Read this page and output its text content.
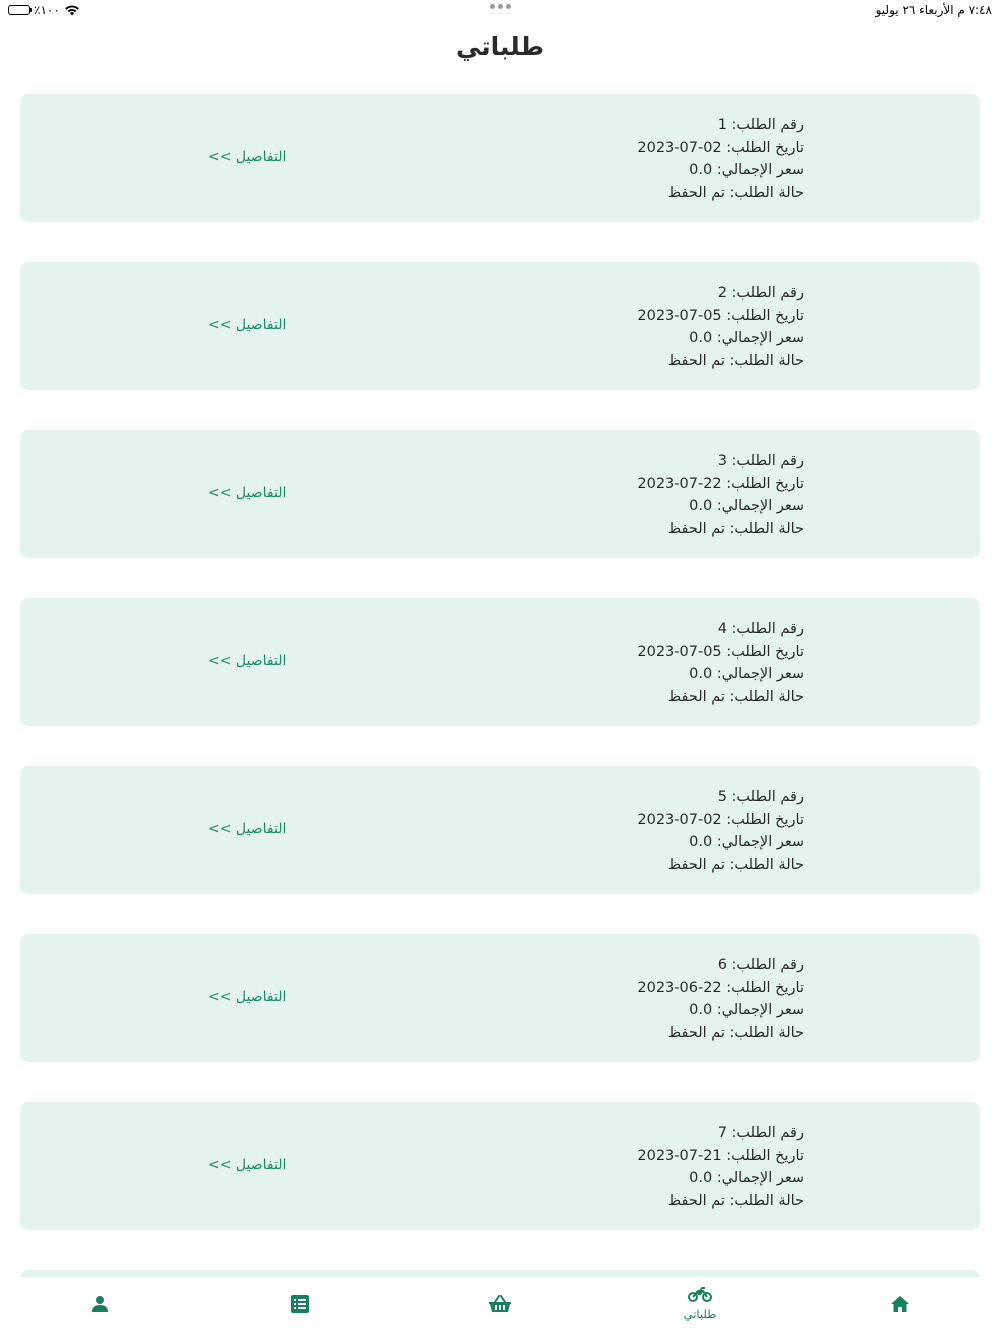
٧:٤٨ م الأربعاء ٢٦ يوليو
٪١٠٠
طلباتي
رقم الطلب: 1
تاريخ الطلب: 02-07-2023
سعر الإجمالي: 0.0
حالة الطلب: تم الحفظ
التفاصيل >>
رقم الطلب: 2
تاريخ الطلب: 05-07-2023
سعر الإجمالي: 0.0
حالة الطلب: تم الحفظ
التفاصيل >>
رقم الطلب: 3
تاريخ الطلب: 22-07-2023
سعر الإجمالي: 0.0
حالة الطلب: تم الحفظ
التفاصيل >>
رقم الطلب: 4
تاريخ الطلب: 05-07-2023
سعر الإجمالي: 0.0
حالة الطلب: تم الحفظ
التفاصيل >>
رقم الطلب: 5
تاريخ الطلب: 02-07-2023
سعر الإجمالي: 0.0
حالة الطلب: تم الحفظ
التفاصيل >>
رقم الطلب: 6
تاريخ الطلب: 22-06-2023
سعر الإجمالي: 0.0
حالة الطلب: تم الحفظ
التفاصيل >>
رقم الطلب: 7
تاريخ الطلب: 21-07-2023
سعر الإجمالي: 0.0
حالة الطلب: تم الحفظ
التفاصيل >>
طلباتي
